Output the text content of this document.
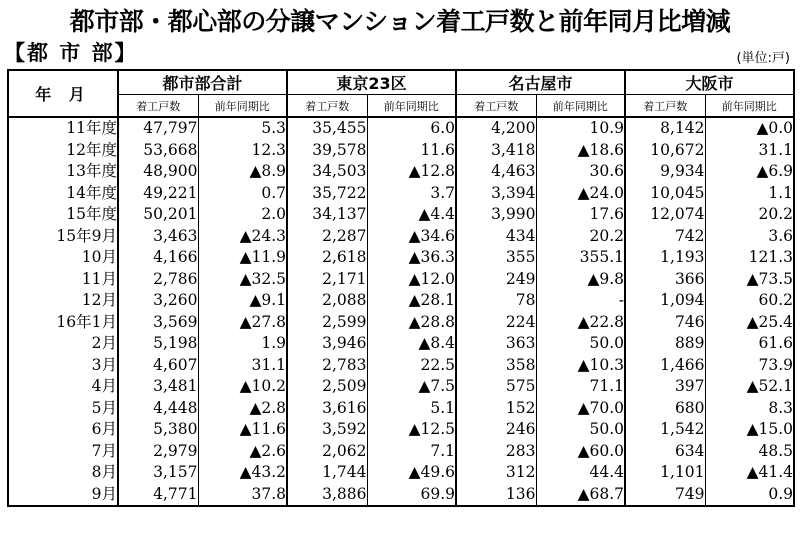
都市部・都心部の分譲マンション着工戸数と前年同月比増減
【都 市 部】	(単位:戸)
年 月	都市部合計		東京23区		名古屋市		大阪市	
	着工戸数	前年同期比	着工戸数	前年同期比	着工戸数	前年同期比	着工戸数	前年同期比
11年度	47,797	5.3	35,455	6.0	4,200	10.9	8,142	▲0.0
12年度	53,668	12.3	39,578	11.6	3,418	▲18.6	10,672	31.1
13年度	48,900	▲8.9	34,503	▲12.8	4,463	30.6	9,934	▲6.9
14年度	49,221	0.7	35,722	3.7	3,394	▲24.0	10,045	1.1
15年度	50,201	2.0	34,137	▲4.4	3,990	17.6	12,074	20.2
15年9月	3,463	▲24.3	2,287	▲34.6	434	20.2	742	3.6
10月	4,166	▲11.9	2,618	▲36.3	355	355.1	1,193	121.3
11月	2,786	▲32.5	2,171	▲12.0	249	▲9.8	366	▲73.5
12月	3,260	▲9.1	2,088	▲28.1	78	-	1,094	60.2
16年1月	3,569	▲27.8	2,599	▲28.8	224	▲22.8	746	▲25.4
2月	5,198	1.9	3,946	▲8.4	363	50.0	889	61.6
3月	4,607	31.1	2,783	22.5	358	▲10.3	1,466	73.9
4月	3,481	▲10.2	2,509	▲7.5	575	71.1	397	▲52.1
5月	4,448	▲2.8	3,616	5.1	152	▲70.0	680	8.3
6月	5,380	▲11.6	3,592	▲12.5	246	50.0	1,542	▲15.0
7月	2,979	▲2.6	2,062	7.1	283	▲60.0	634	48.5
8月	3,157	▲43.2	1,744	▲49.6	312	44.4	1,101	▲41.4
9月	4,771	37.8	3,886	69.9	136	▲68.7	749	0.9
